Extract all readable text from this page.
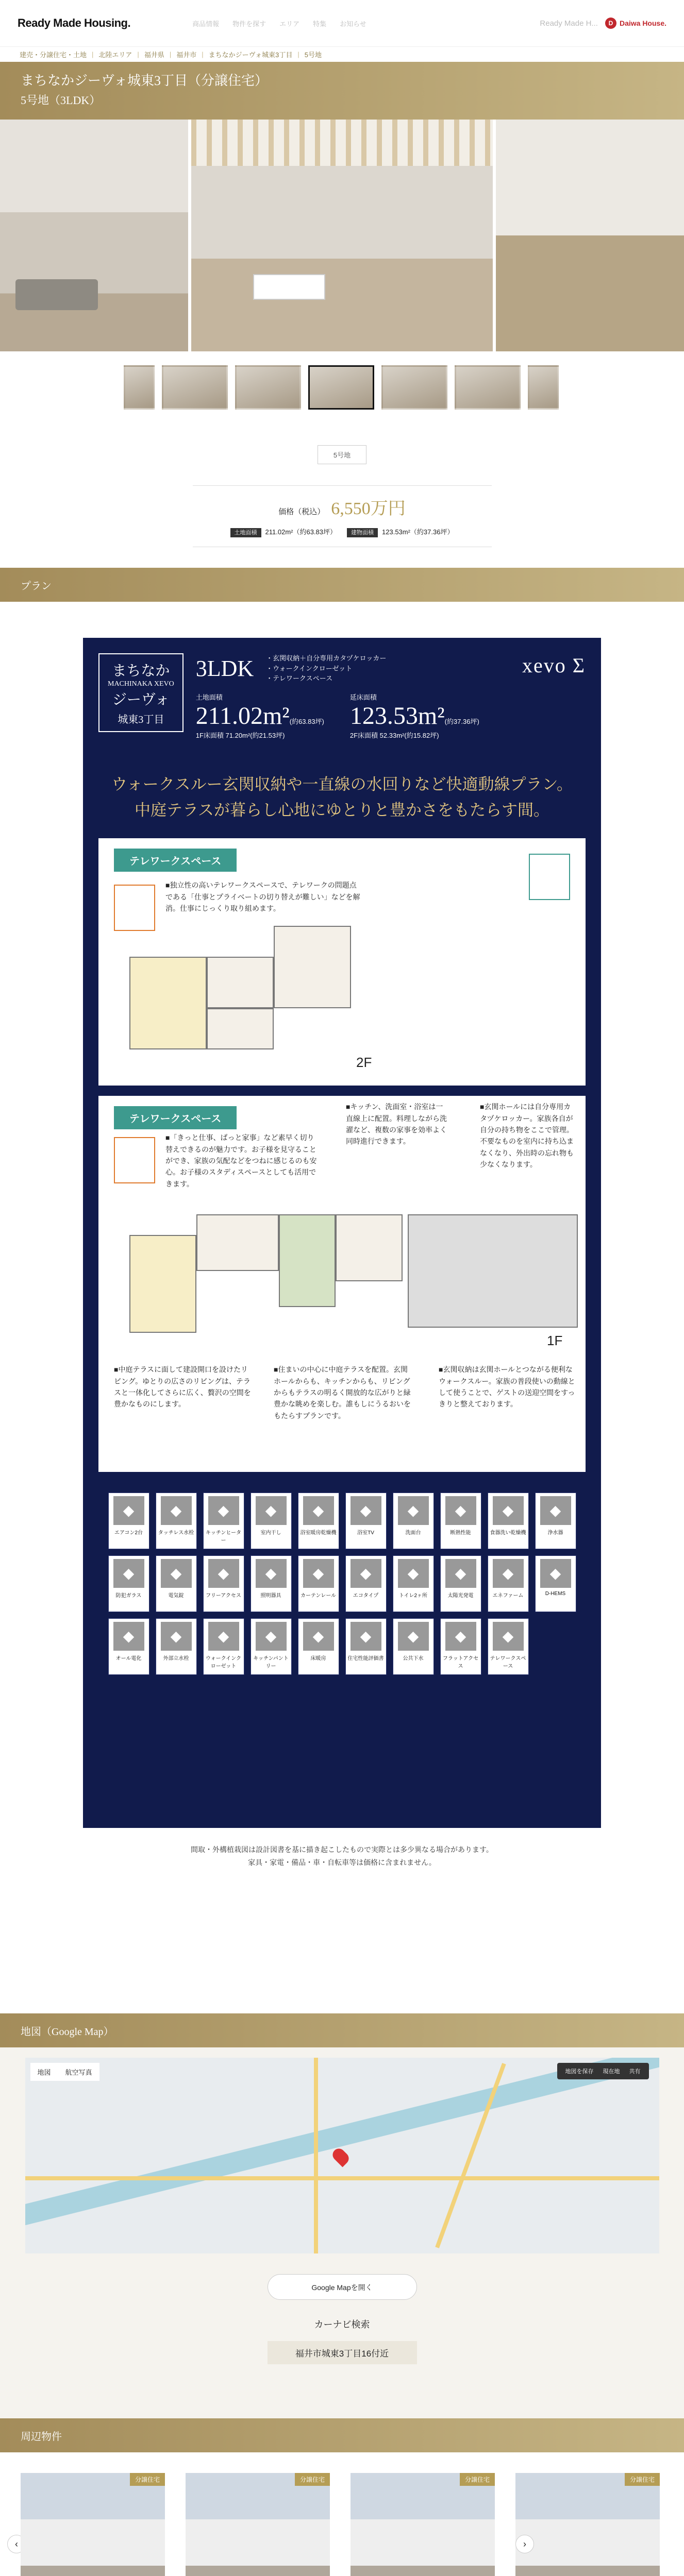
Ready Made Housing.	商品情報 物件を探す エリア 特集 お知らせ	Ready Made H...	D Daiwa House.
建売・分譲住宅・土地 | 北陸エリア | 福井県 | 福井市 | まちなかジーヴォ城東3丁目 | 5号地
まちなかジーヴォ城東3丁目（分譲住宅）
5号地（3LDK）
5号地
価格（税込） 6,550万円
土地面積 211.02m²（約63.83坪）	建物面積 123.53m²（約37.36坪）
プラン
まちなか
MACHINAKA XEVO
ジーヴォ
城東3丁目
3LDK ・玄関収納＋自分専用カタヅケロッカー
・ウォークインクローゼット
・テレワークスペース
土地面積
211.02m²(約63.83坪)
1F床面積 71.20m²(約21.53坪)
延床面積
123.53m²(約37.36坪)
2F床面積 52.33m²(約15.82坪)
xevo Σ
ウォークスルー玄関収納や一直線の水回りなど快適動線プラン。
中庭テラスが暮らし心地にゆとりと豊かさをもたらす間。
テレワークスペース
■独立性の高いテレワークスペースで、テレワークの問題点である「仕事とプライベートの切り替えが難しい」などを解消。仕事にじっくり取り組めます。
2F
テレワークスペース
■「きっと仕事、ぱっと家事」など素早く切り替えできるのが魅力です。お子様を見守ることができ、家族の気配などをつねに感じるのも安心。お子様のスタディスペースとしても活用できます。
■キッチン、洗面室・浴室は一直線上に配置。料理しながら洗濯など、複数の家事を効率よく同時進行できます。
■玄関ホールには自分専用カタヅケロッカー。家族各自が自分の持ち物をここで管理。不要なものを室内に持ち込まなくなり、外出時の忘れ物も少なくなります。
1F
■中庭テラスに面して建設開口を設けたリビング。ゆとりの広さのリビングは、テラスと一体化してさらに広く、贅沢の空間を豊かなものにします。
■住まいの中心に中庭テラスを配置。玄関ホールからも、キッチンからも、リビングからもテラスの明るく開放的な広がりと緑豊かな眺めを楽しむ。誰もしにうるおいをもたらすプランです。
■玄関収納は玄関ホールとつながる便利なウォークスルー。家族の普段使いの動線として使うことで、ゲストの送迎空間をすっきりと整えております。
◆
エアコン2台
◆
タッチレス水栓
◆
キッチンヒーター
◆
室内干し
◆
浴室暖房乾燥機
◆
浴室TV
◆
洗面台
◆
断熱性能
◆
食器洗い乾燥機
◆
浄水器
◆
防犯ガラス
◆
電気錠
◆
フリーアクセス
◆
照明器具
◆
カーテンレール
◆
エコタイプ
◆
トイレ2ヶ所
◆
太陽光発電
◆
エネファーム
◆
D-HEMS
◆
オール電化
◆
外部立水栓
◆
ウォークインクローゼット
◆
キッチンパントリー
◆
床暖房
◆
住宅性能評価書
◆
公共下水
◆
フラットアクセス
◆
テレワークスペース
間取・外構植栽図は設計図書を基に描き起こしたもので実際とは多少異なる場合があります。
家具・家電・備品・車・自転車等は価格に含まれません。
地図（Google Map）
地図	航空写真	地図を保存 現在地 共有
Google Mapを開く
カーナビ検索
福井市城東3丁目16付近
周辺物件
‹
分譲住宅	分譲住宅	分譲住宅	分譲住宅
›
